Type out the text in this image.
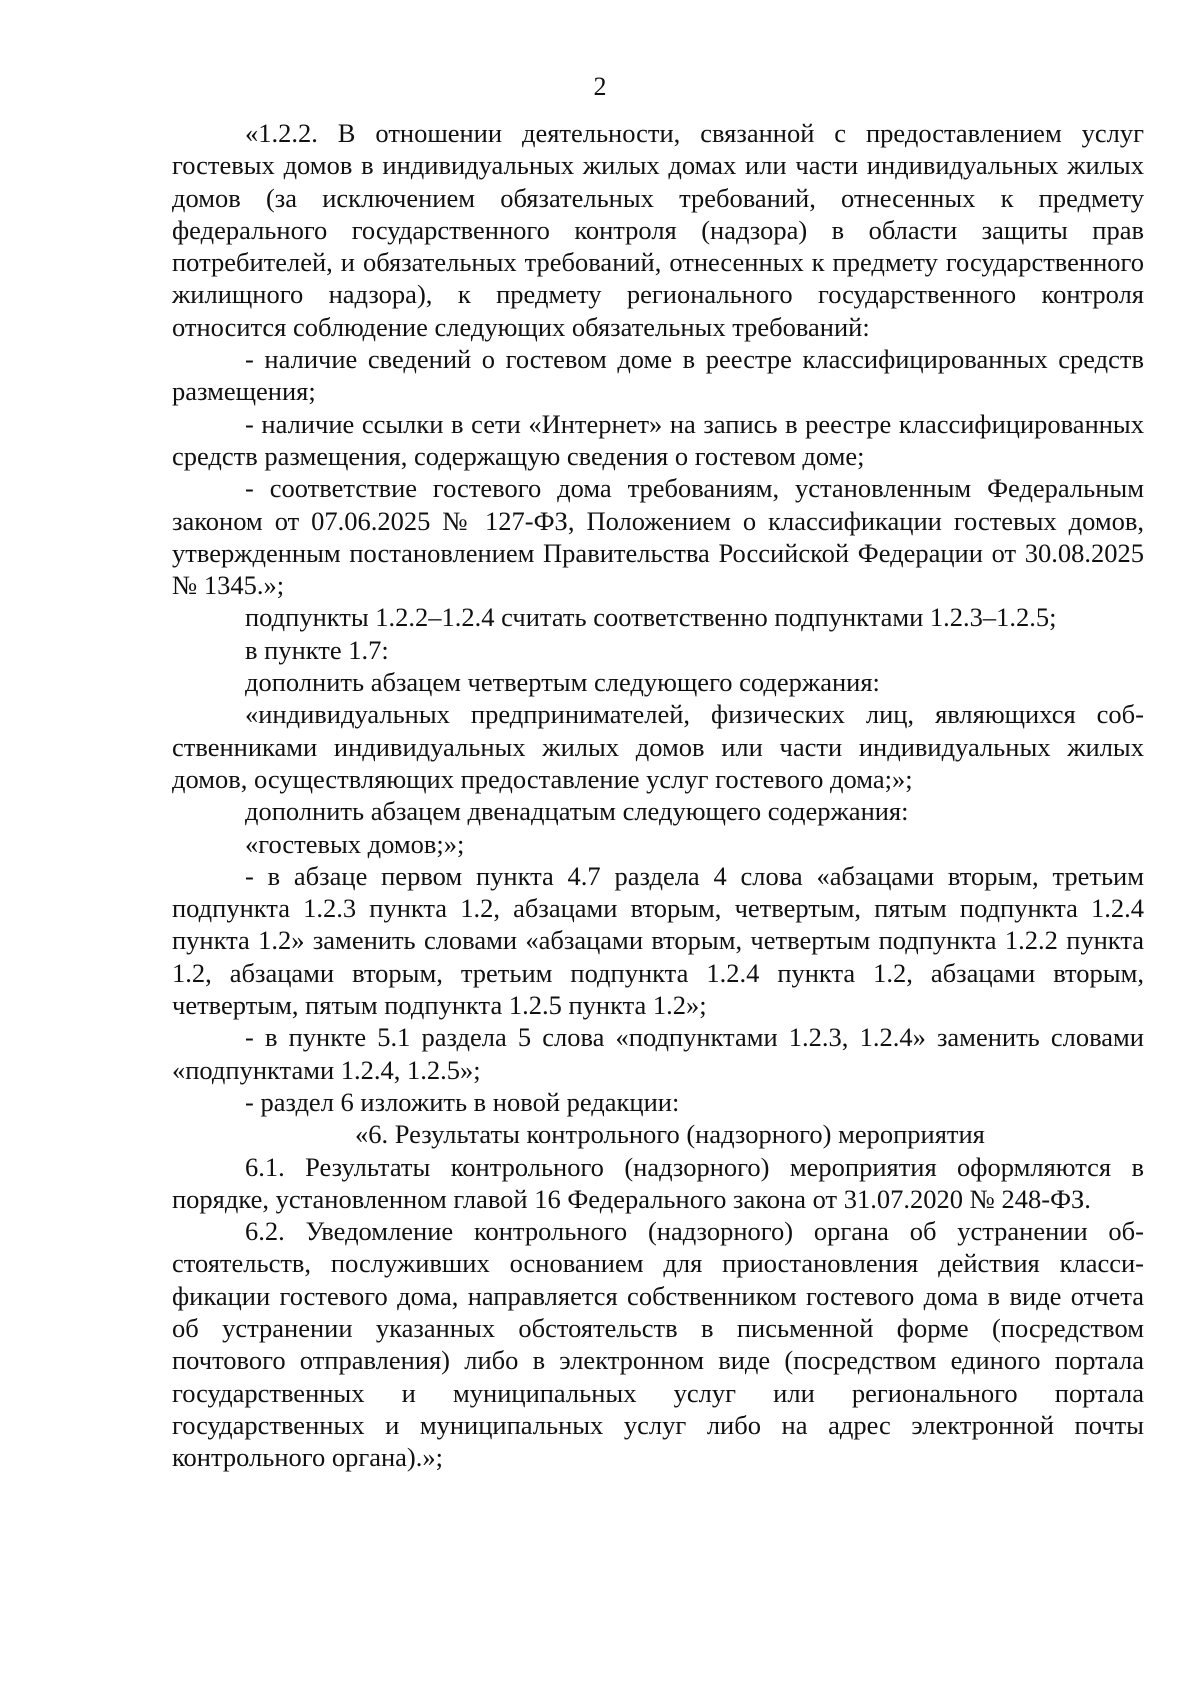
2

«1.2.2. В отношении деятельности, связанной с предоставлением услуг гостевых домов в индивидуальных жилых домах или части индивидуальных жилых домов (за исключением обязательных требований, отнесенных к предмету федерального государственного контроля (надзора) в области защиты прав потребителей, и обязательных требований, отнесенных к предмету государственного жилищного надзора), к предмету регионального государственного контроля относится соблюдение следующих обязательных требований:

- наличие сведений о гостевом доме в реестре классифицированных средств размещения;

- наличие ссылки в сети «Интернет» на запись в реестре классифицированных средств размещения, содержащую сведения о гостевом доме;

- соответствие гостевого дома требованиям, установленным Федеральным законом от 07.06.2025 № 127-ФЗ, Положением о классификации гостевых домов, утвержденным постановлением Правительства Российской Федерации от 30.08.2025 № 1345.»;

подпункты 1.2.2–1.2.4 считать соответственно подпунктами 1.2.3–1.2.5;

в пункте 1.7:

дополнить абзацем четвертым следующего содержания:

«индивидуальных предпринимателей, физических лиц, являющихся собственниками индивидуальных жилых домов или части индивидуальных жилых домов, осуществляющих предоставление услуг гостевого дома;»;

дополнить абзацем двенадцатым следующего содержания:

«гостевых домов;»;

- в абзаце первом пункта 4.7 раздела 4 слова «абзацами вторым, третьим подпункта 1.2.3 пункта 1.2, абзацами вторым, четвертым, пятым подпункта 1.2.4 пункта 1.2» заменить словами «абзацами вторым, четвертым подпункта 1.2.2 пункта 1.2, абзацами вторым, третьим подпункта 1.2.4 пункта 1.2, абзацами вторым, четвертым, пятым подпункта 1.2.5 пункта 1.2»;

- в пункте 5.1 раздела 5 слова «подпунктами 1.2.3, 1.2.4» заменить словами «подпунктами 1.2.4, 1.2.5»;

- раздел 6 изложить в новой редакции:

«6. Результаты контрольного (надзорного) мероприятия

6.1. Результаты контрольного (надзорного) мероприятия оформляются в порядке, установленном главой 16 Федерального закона от 31.07.2020 № 248-ФЗ.

6.2. Уведомление контрольного (надзорного) органа об устранении обстоятельств, послуживших основанием для приостановления действия классификации гостевого дома, направляется собственником гостевого дома в виде отчета об устранении указанных обстоятельств в письменной форме (посредством почтового отправления) либо в электронном виде (посредством единого портала государственных и муниципальных услуг или регионального портала государственных и муниципальных услуг либо на адрес электронной почты контрольного органа).»;
